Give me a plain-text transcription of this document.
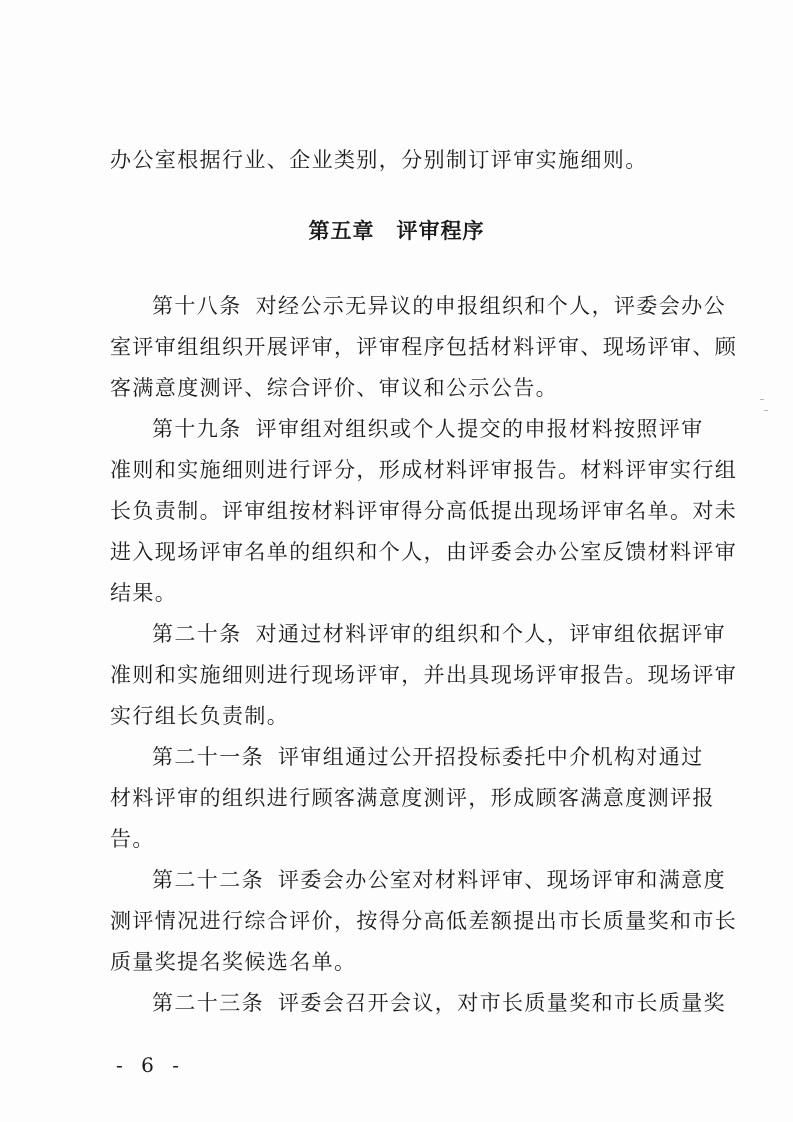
办公室根据行业、企业类别，分别制订评审实施细则。
第五章 评审程序
第十八条 对经公示无异议的申报组织和个人，评委会办公
室评审组组织开展评审，评审程序包括材料评审、现场评审、顾
客满意度测评、综合评价、审议和公示公告。
第十九条 评审组对组织或个人提交的申报材料按照评审
准则和实施细则进行评分，形成材料评审报告。材料评审实行组
长负责制。评审组按材料评审得分高低提出现场评审名单。对未
进入现场评审名单的组织和个人，由评委会办公室反馈材料评审
结果。
第二十条 对通过材料评审的组织和个人，评审组依据评审
准则和实施细则进行现场评审，并出具现场评审报告。现场评审
实行组长负责制。
第二十一条 评审组通过公开招投标委托中介机构对通过
材料评审的组织进行顾客满意度测评，形成顾客满意度测评报
告。
第二十二条 评委会办公室对材料评审、现场评审和满意度
测评情况进行综合评价，按得分高低差额提出市长质量奖和市长
质量奖提名奖候选名单。
第二十三条 评委会召开会议，对市长质量奖和市长质量奖
- 6 -
